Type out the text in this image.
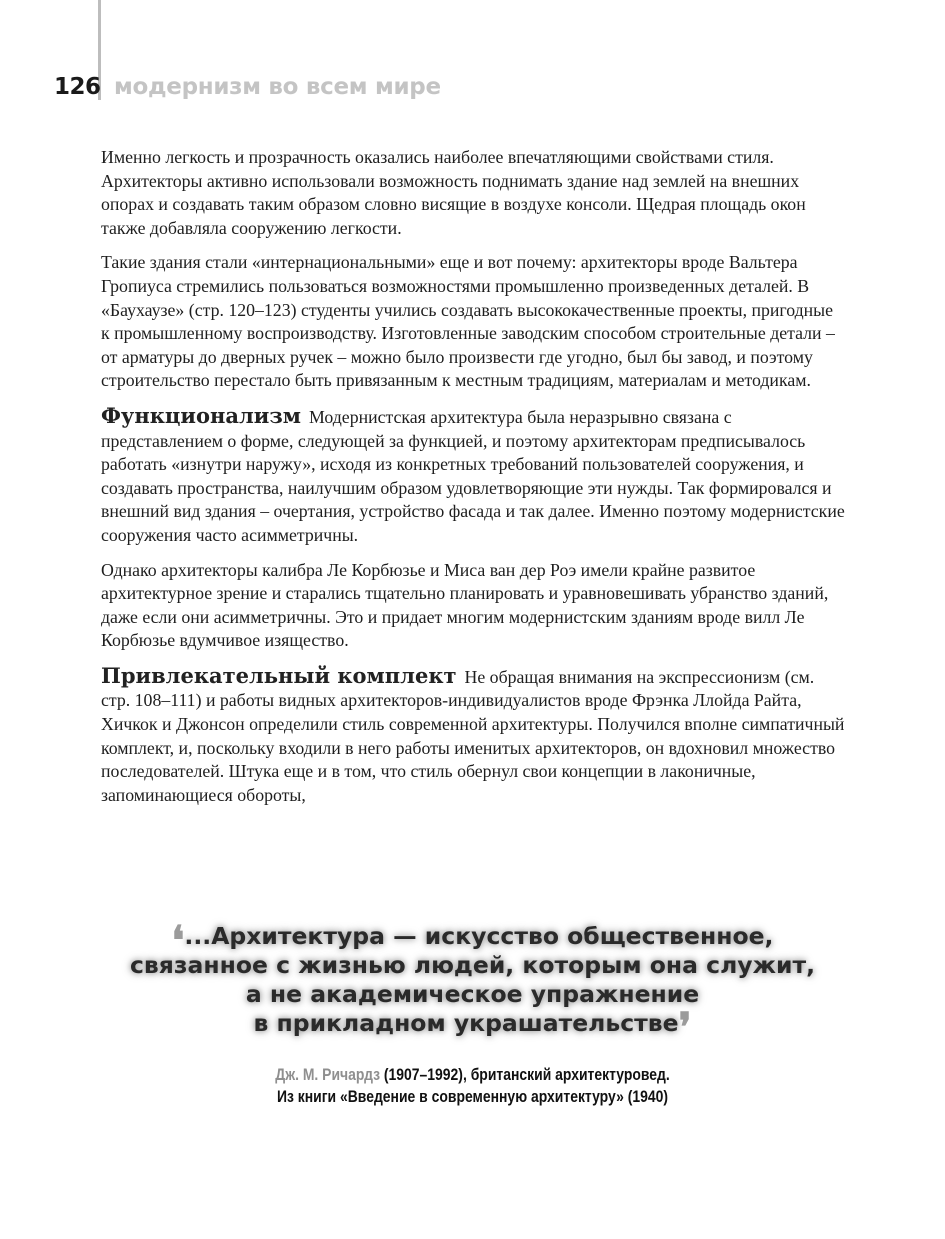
126 модернизм во всем мире

Именно легкость и прозрачность оказались наиболее впечатляющими свойствами стиля. Архитекторы активно использовали возможность поднимать здание над землей на внешних опорах и создавать таким образом словно висящие в воздухе консоли. Щедрая площадь окон также добавляла сооружению легкости.

Такие здания стали «интернациональными» еще и вот почему: архитекторы вроде Вальтера Гропиуса стремились пользоваться возможностями промышленно произведенных деталей. В «Баухаузе» (стр. 120–123) студенты учились создавать высококачественные проекты, пригодные к промышленному воспроизводству. Изготовленные заводским способом строительные детали – от арматуры до дверных ручек – можно было произвести где угодно, был бы завод, и поэтому строительство перестало быть привязанным к местным традициям, материалам и методикам.

Функционализм Модернистская архитектура была неразрывно связана с представлением о форме, следующей за функцией, и поэтому архитекторам предписывалось работать «изнутри наружу», исходя из конкретных требований пользователей сооружения, и создавать пространства, наилучшим образом удовлетворяющие эти нужды. Так формировался и внешний вид здания – очертания, устройство фасада и так далее. Именно поэтому модернистские сооружения часто асимметричны.

Однако архитекторы калибра Ле Корбюзье и Миса ван дер Роэ имели крайне развитое архитектурное зрение и старались тщательно планировать и уравновешивать убранство зданий, даже если они асимметричны. Это и придает многим модернистским зданиям вроде вилл Ле Корбюзье вдумчивое изящество.

Привлекательный комплект Не обращая внимания на экспрессионизм (см. стр. 108–111) и работы видных архитекторов-индивидуалистов вроде Фрэнка Ллойда Райта, Хичкок и Джонсон определили стиль современной архитектуры. Получился вполне симпатичный комплект, и, поскольку входили в него работы именитых архитекторов, он вдохновил множество последователей. Штука еще и в том, что стиль обернул свои концепции в лаконичные, запоминающиеся обороты,

❛...Архитектура — искусство общественное,
связанное с жизнью людей, которым она служит,
а не академическое упражнение
в прикладном украшательстве❜
Дж. М. Ричардз (1907–1992), британский архитектуровед.
Из книги «Введение в современную архитектуру» (1940)
